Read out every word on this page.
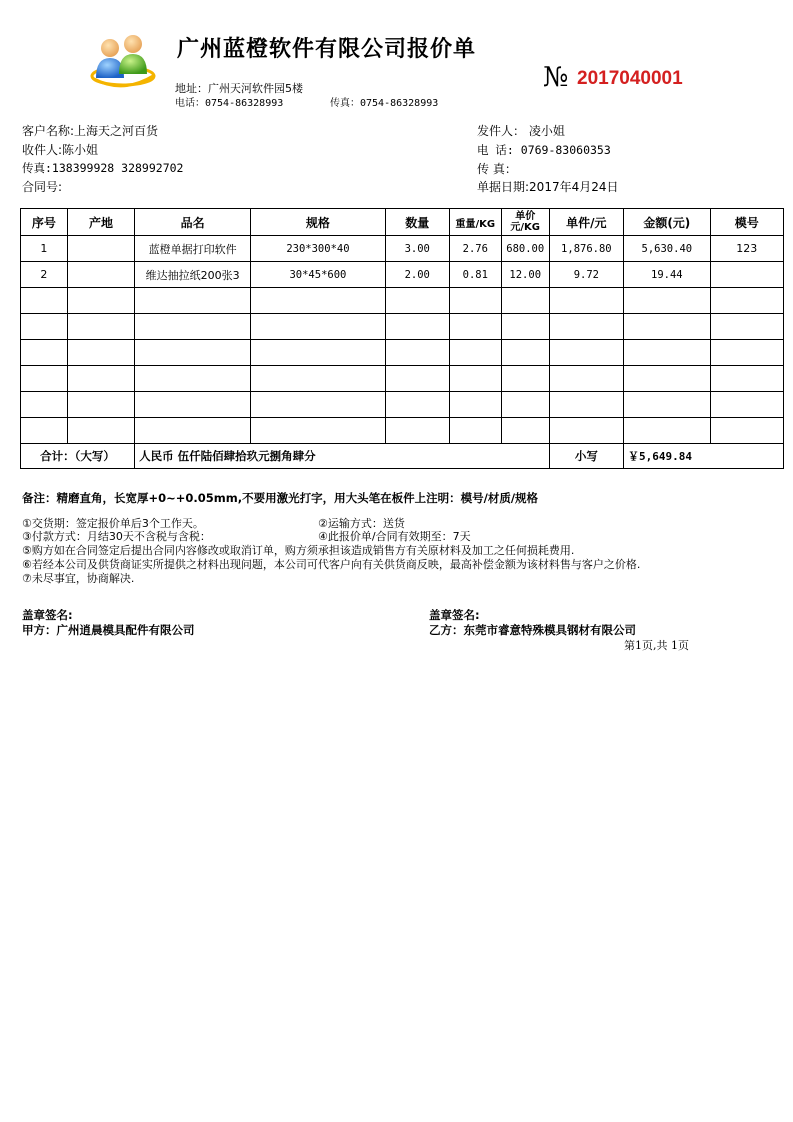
广州蓝橙软件有限公司报价单
地址：广州天河软件园5楼
电话：0754-86328993	传真：0754-86328993
№ 2017040001
客户名称:上海天之河百货	发件人： 凌小姐
收件人:陈小姐	电 话: 0769-83060353
传真:138399928 328992702	传 真：
合同号:	单据日期:2017年4月24日
序号	产地	品名	规格	数量	重量/KG	单价元/KG	单件/元	金额(元)	模号
1		蓝橙单据打印软件	230*300*40	3.00	2.76	680.00	1,876.80	5,630.40	123
2		维达抽拉纸200张3	30*45*600	2.00	0.81	12.00	9.72	19.44	

合计：（大写）		人民币 伍仟陆佰肆拾玖元捌角肆分					小写	￥5,649.84	
备注：精磨直角，长宽厚+0~+0.05mm,不要用激光打字，用大头笔在板件上注明：模号/材质/规格
①交货期：签定报价单后3个工作天。	②运输方式：送货
③付款方式：月结30天不含税与含税：	④此报价单/合同有效期至：7天
⑤购方如在合同签定后提出合同内容修改或取消订单，购方须承担该造成销售方有关原材料及加工之任何损耗费用.
⑥若经本公司及供货商证实所提供之材料出现问题，本公司可代客户向有关供货商反映，最高补偿金额为该材料售与客户之价格.
⑦未尽事宜，协商解决.
盖章签名:
甲方：广州逍晨模具配件有限公司
盖章签名:
乙方：东莞市睿意特殊模具钢材有限公司
第1页,共 1页
